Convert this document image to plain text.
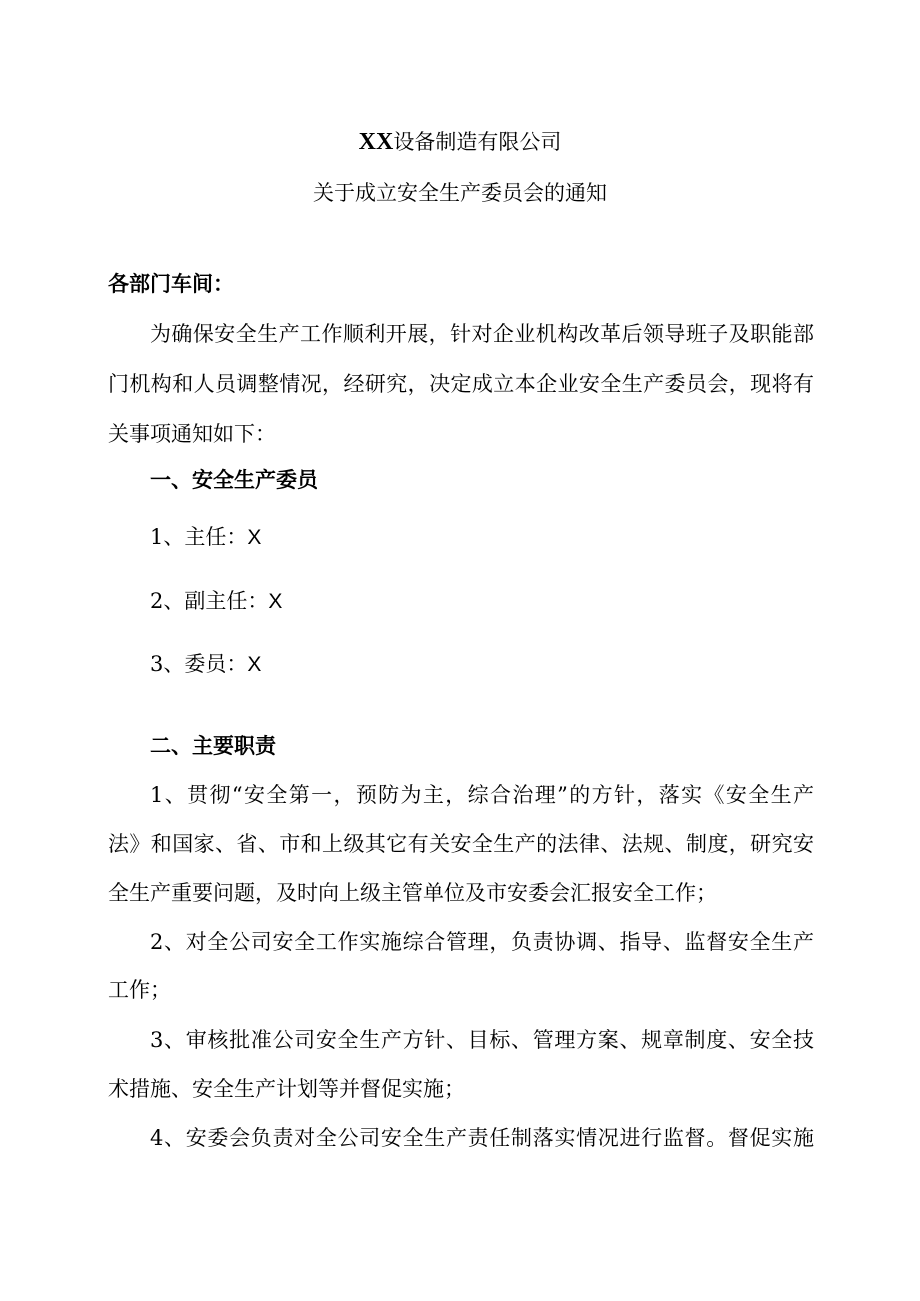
XX设备制造有限公司
关于成立安全生产委员会的通知
各部门车间：
为确保安全生产工作顺利开展，针对企业机构改革后领导班子及职能部
门机构和人员调整情况，经研究，决定成立本企业安全生产委员会，现将有
关事项通知如下：
一、安全生产委员
1、主任：X
2、副主任：X
3、委员：X
二、主要职责
1、贯彻“安全第一，预防为主，综合治理”的方针，落实《安全生产
法》和国家、省、市和上级其它有关安全生产的法律、法规、制度，研究安
全生产重要问题，及时向上级主管单位及市安委会汇报安全工作；
2、对全公司安全工作实施综合管理，负责协调、指导、监督安全生产
工作；
3、审核批准公司安全生产方针、目标、管理方案、规章制度、安全技
术措施、安全生产计划等并督促实施；
4、安委会负责对全公司安全生产责任制落实情况进行监督。督促实施
